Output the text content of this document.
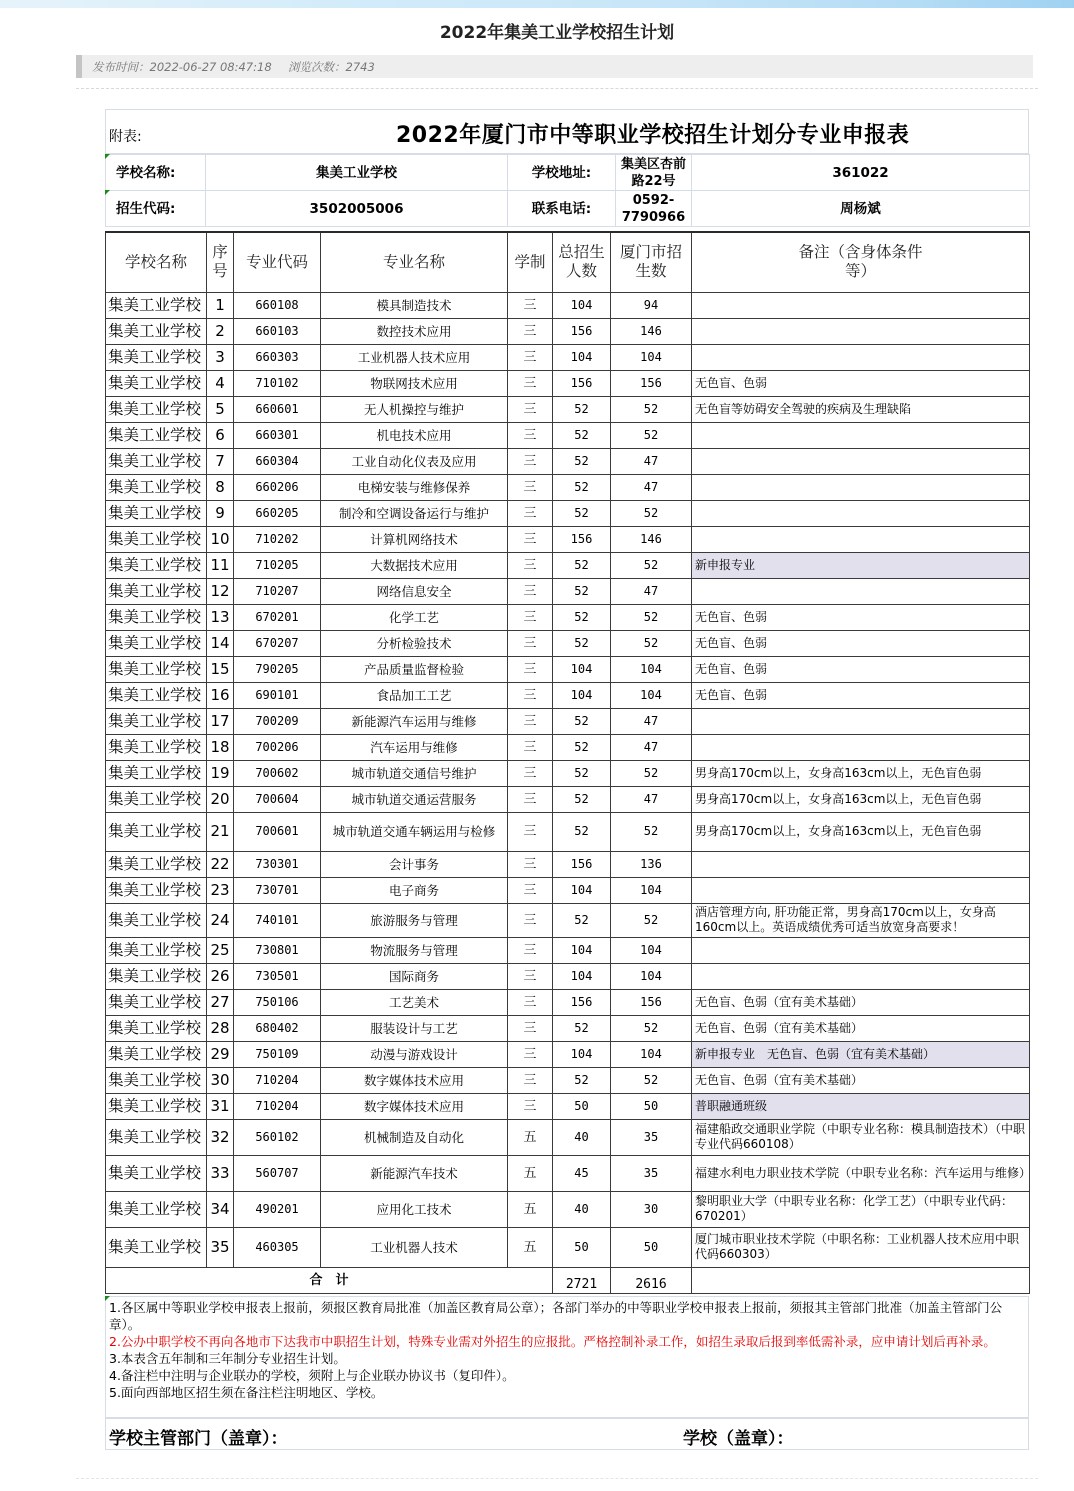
2022年集美工业学校招生计划
发布时间：2022-06-27 08:47:18 浏览次数：2743
附表:	2022年厦门市中等职业学校招生计划分专业申报表
学校名称:	集美工业学校	学校地址:	集美区杏前路22号	361022
招生代码:	3502005006	联系电话:	0592-7790966	周杨斌
学校名称	序号	专业代码	专业名称	学制	总招生人数	厦门市招生数	备注（含身体条件等）
集美工业学校	1	660108	模具制造技术	三	104	94	
集美工业学校	2	660103	数控技术应用	三	156	146	
集美工业学校	3	660303	工业机器人技术应用	三	104	104	
集美工业学校	4	710102	物联网技术应用	三	156	156	无色盲、色弱
集美工业学校	5	660601	无人机操控与维护	三	52	52	无色盲等妨碍安全驾驶的疾病及生理缺陷
集美工业学校	6	660301	机电技术应用	三	52	52	
集美工业学校	7	660304	工业自动化仪表及应用	三	52	47	
集美工业学校	8	660206	电梯安装与维修保养	三	52	47	
集美工业学校	9	660205	制冷和空调设备运行与维护	三	52	52	
集美工业学校	10	710202	计算机网络技术	三	156	146	
集美工业学校	11	710205	大数据技术应用	三	52	52	新申报专业
集美工业学校	12	710207	网络信息安全	三	52	47	
集美工业学校	13	670201	化学工艺	三	52	52	无色盲、色弱
集美工业学校	14	670207	分析检验技术	三	52	52	无色盲、色弱
集美工业学校	15	790205	产品质量监督检验	三	104	104	无色盲、色弱
集美工业学校	16	690101	食品加工工艺	三	104	104	无色盲、色弱
集美工业学校	17	700209	新能源汽车运用与维修	三	52	47	
集美工业学校	18	700206	汽车运用与维修	三	52	47	
集美工业学校	19	700602	城市轨道交通信号维护	三	52	52	男身高170cm以上，女身高163cm以上，无色盲色弱
集美工业学校	20	700604	城市轨道交通运营服务	三	52	47	男身高170cm以上，女身高163cm以上，无色盲色弱
集美工业学校	21	700601	城市轨道交通车辆运用与检修	三	52	52	男身高170cm以上，女身高163cm以上，无色盲色弱
集美工业学校	22	730301	会计事务	三	156	136	
集美工业学校	23	730701	电子商务	三	104	104	
集美工业学校	24	740101	旅游服务与管理	三	52	52	酒店管理方向, 肝功能正常，男身高170cm以上，女身高160cm以上。英语成绩优秀可适当放宽身高要求！
集美工业学校	25	730801	物流服务与管理	三	104	104	
集美工业学校	26	730501	国际商务	三	104	104	
集美工业学校	27	750106	工艺美术	三	156	156	无色盲、色弱（宜有美术基础）
集美工业学校	28	680402	服装设计与工艺	三	52	52	无色盲、色弱（宜有美术基础）
集美工业学校	29	750109	动漫与游戏设计	三	104	104	新申报专业　无色盲、色弱（宜有美术基础）
集美工业学校	30	710204	数字媒体技术应用	三	52	52	无色盲、色弱（宜有美术基础）
集美工业学校	31	710204	数字媒体技术应用	三	50	50	普职融通班级
集美工业学校	32	560102	机械制造及自动化	五	40	35	福建船政交通职业学院（中职专业名称：模具制造技术）（中职专业代码660108）
集美工业学校	33	560707	新能源汽车技术	五	45	35	福建水利电力职业技术学院（中职专业名称：汽车运用与维修）
集美工业学校	34	490201	应用化工技术	五	40	30	黎明职业大学（中职专业名称：化学工艺）（中职专业代码：670201）
集美工业学校	35	460305	工业机器人技术	五	50	50	厦门城市职业技术学院（中职名称：工业机器人技术应用中职代码660303）
合　计					2721	2616	

1.各区属中等职业学校申报表上报前，须报区教育局批准（加盖区教育局公章）；各部门举办的中等职业学校申报表上报前，须报其主管部门批准（加盖主管部门公章）。

2.公办中职学校不再向各地市下达我市中职招生计划，特殊专业需对外招生的应报批。严格控制补录工作，如招生录取后报到率低需补录，应申请计划后再补录。

3.本表含五年制和三年制分专业招生计划。

4.备注栏中注明与企业联办的学校，须附上与企业联办协议书（复印件）。

5.面向西部地区招生须在备注栏注明地区、学校。

学校主管部门（盖章）：	学校（盖章）：
